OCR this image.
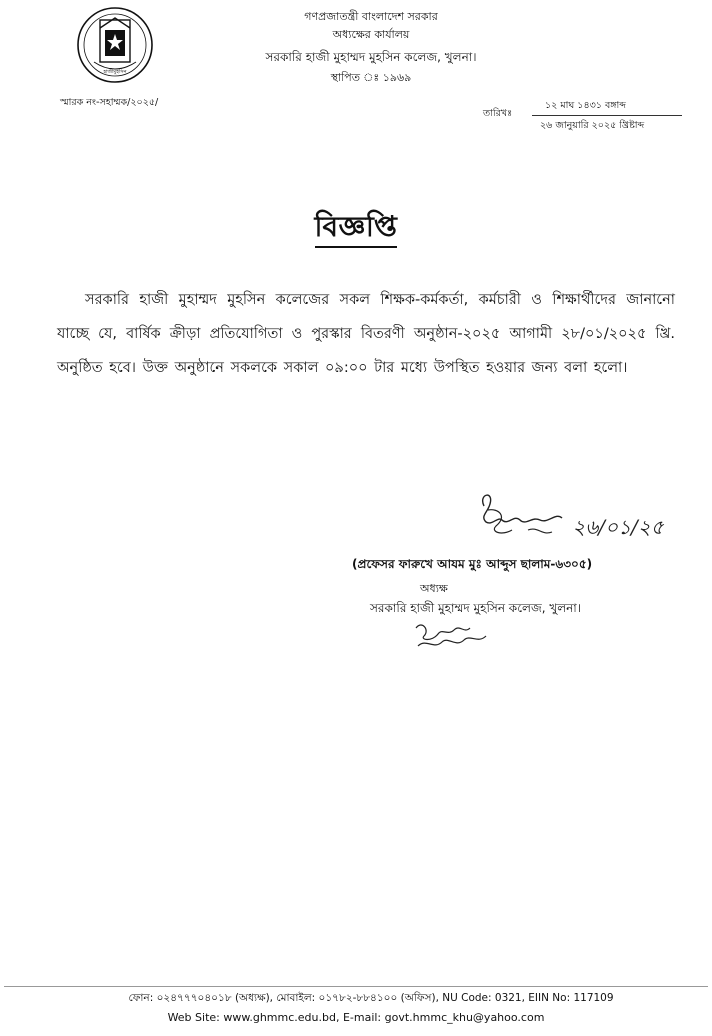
হাজীমুহসিন
গণপ্রজাতন্ত্রী বাংলাদেশ সরকার
অধ্যক্ষের কার্যালয়
সরকারি হাজী মুহাম্মদ মুহসিন কলেজ, খুলনা।
স্থাপিত ঃ ১৯৬৯
স্মারক নং-সহাম্মক/২০২৫/
তারিখঃ
১২ মাঘ ১৪৩১ বঙ্গাব্দ
২৬ জানুয়ারি ২০২৫ খ্রিষ্টাব্দ
বিজ্ঞপ্তি
সরকারি হাজী মুহাম্মদ মুহসিন কলেজের সকল শিক্ষক-কর্মকর্তা, কর্মচারী ও শিক্ষার্থীদের জানানো যাচ্ছে যে, বার্ষিক ক্রীড়া প্রতিযোগিতা ও পুরস্কার বিতরণী অনুষ্ঠান-২০২৫ আগামী ২৮/০১/২০২৫ খ্রি. অনুষ্ঠিত হবে। উক্ত অনুষ্ঠানে সকলকে সকাল ০৯:০০ টার মধ্যে উপস্থিত হওয়ার জন্য বলা হলো।
২৬/০১/২৫
(প্রফেসর ফারুখে আযম মুঃ আব্দুস ছালাম-৬৩০৫)
অধ্যক্ষ
সরকারি হাজী মুহাম্মদ মুহসিন কলেজ, খুলনা।
ফোন: ০২৪৭৭৭০৪০১৮ (অধ্যক্ষ), মোবাইল: ০১৭৮২-৮৮৪১০০ (অফিস), NU Code: 0321, EIIN No: 117109
Web Site: www.ghmmc.edu.bd, E-mail: govt.hmmc_khu@yahoo.com
